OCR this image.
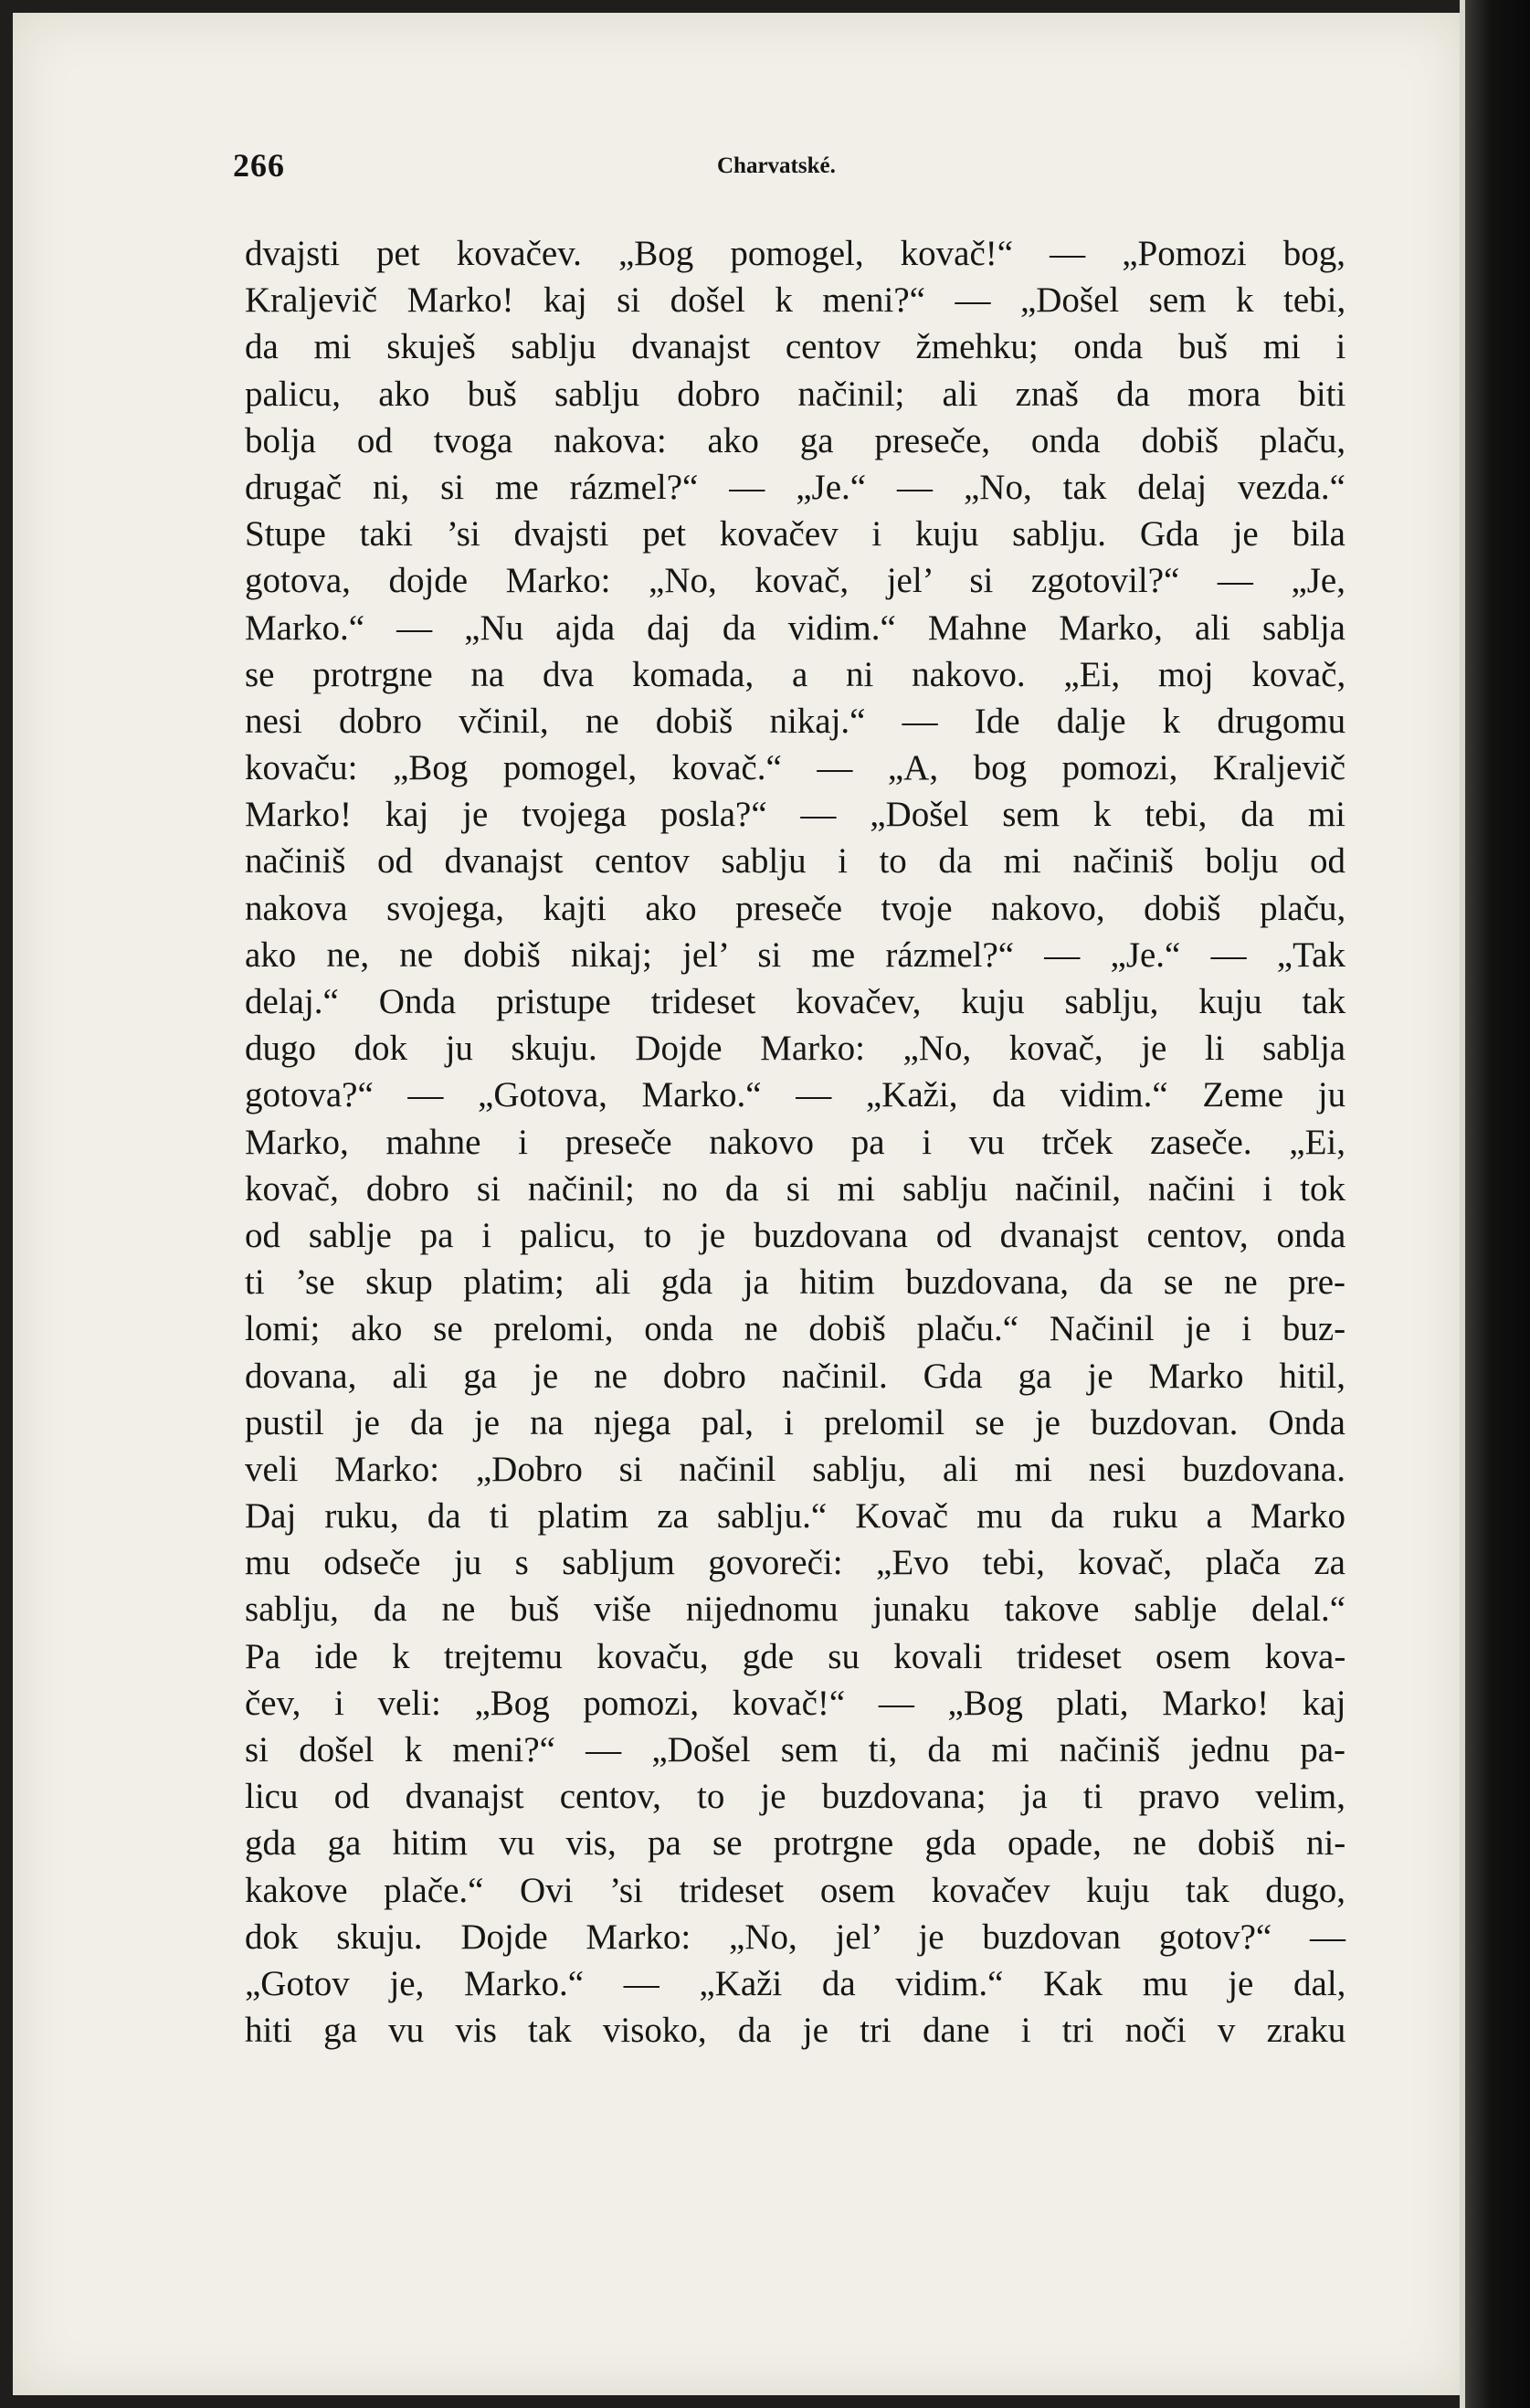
266	Charvatské.
dvajsti pet kovačev. „Bog pomogel, kovač!“ — „Pomozi bog,
Kraljevič Marko! kaj si došel k meni?“ — „Došel sem k tebi,
da mi skuješ sablju dvanajst centov žmehku; onda buš mi i
palicu, ako buš sablju dobro načinil; ali znaš da mora biti
bolja od tvoga nakova: ako ga preseče, onda dobiš plaču,
drugač ni, si me rázmel?“ — „Je.“ — „No, tak delaj vezda.“
Stupe taki ’si dvajsti pet kovačev i kuju sablju. Gda je bila
gotova, dojde Marko: „No, kovač, jel’ si zgotovil?“ — „Je,
Marko.“ — „Nu ajda daj da vidim.“ Mahne Marko, ali sablja
se protrgne na dva komada, a ni nakovo. „Ei, moj kovač,
nesi dobro včinil, ne dobiš nikaj.“ — Ide dalje k drugomu
kovaču: „Bog pomogel, kovač.“ — „A, bog pomozi, Kraljevič
Marko! kaj je tvojega posla?“ — „Došel sem k tebi, da mi
načiniš od dvanajst centov sablju i to da mi načiniš bolju od
nakova svojega, kajti ako preseče tvoje nakovo, dobiš plaču,
ako ne, ne dobiš nikaj; jel’ si me rázmel?“ — „Je.“ — „Tak
delaj.“ Onda pristupe trideset kovačev, kuju sablju, kuju tak
dugo dok ju skuju. Dojde Marko: „No, kovač, je li sablja
gotova?“ — „Gotova, Marko.“ — „Kaži, da vidim.“ Zeme ju
Marko, mahne i preseče nakovo pa i vu trček zaseče. „Ei,
kovač, dobro si načinil; no da si mi sablju načinil, načini i tok
od sablje pa i palicu, to je buzdovana od dvanajst centov, onda
ti ’se skup platim; ali gda ja hitim buzdovana, da se ne pre-
lomi; ako se prelomi, onda ne dobiš plaču.“ Načinil je i buz-
dovana, ali ga je ne dobro načinil. Gda ga je Marko hitil,
pustil je da je na njega pal, i prelomil se je buzdovan. Onda
veli Marko: „Dobro si načinil sablju, ali mi nesi buzdovana.
Daj ruku, da ti platim za sablju.“ Kovač mu da ruku a Marko
mu odseče ju s sabljum govoreči: „Evo tebi, kovač, plača za
sablju, da ne buš više nijednomu junaku takove sablje delal.“
Pa ide k trejtemu kovaču, gde su kovali trideset osem kova-
čev, i veli: „Bog pomozi, kovač!“ — „Bog plati, Marko! kaj
si došel k meni?“ — „Došel sem ti, da mi načiniš jednu pa-
licu od dvanajst centov, to je buzdovana; ja ti pravo velim,
gda ga hitim vu vis, pa se protrgne gda opade, ne dobiš ni-
kakove plače.“ Ovi ’si trideset osem kovačev kuju tak dugo,
dok skuju. Dojde Marko: „No, jel’ je buzdovan gotov?“ —
„Gotov je, Marko.“ — „Kaži da vidim.“ Kak mu je dal,
hiti ga vu vis tak visoko, da je tri dane i tri noči v zraku
